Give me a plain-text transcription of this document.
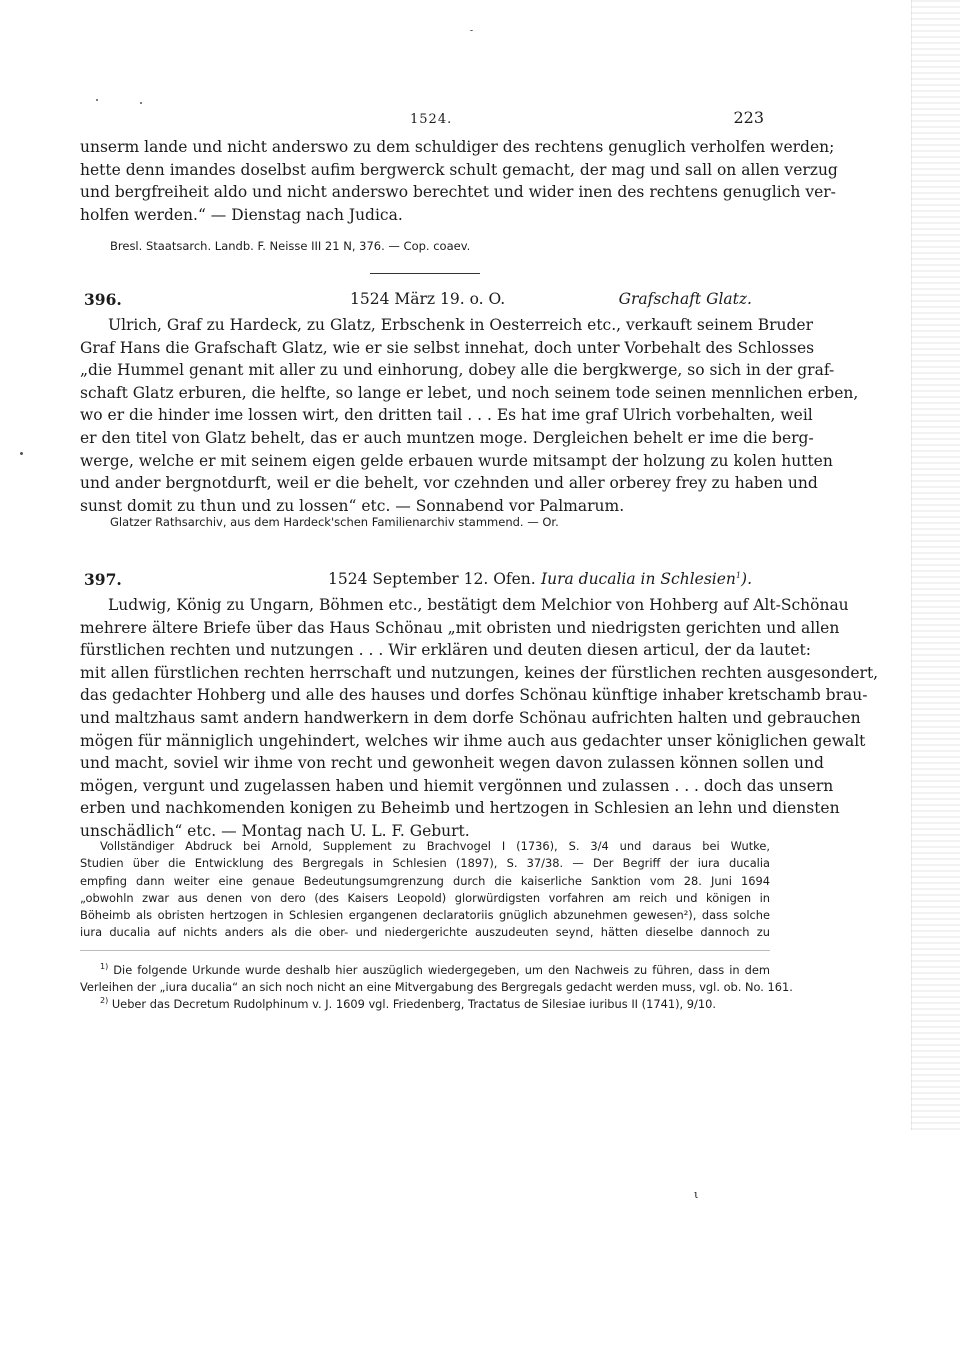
1524.	223
unserm lande und nicht anderswo zu dem schuldiger des rechtens genuglich verholfen werden;
hette denn imandes doselbst aufim bergwerck schult gemacht, der mag und sall on allen verzug
und bergfreiheit aldo und nicht anderswo berechtet und wider inen des rechtens genuglich ver-
holfen werden.“ — Dienstag nach Judica.
Bresl. Staatsarch. Landb. F. Neisse III 21 N, 376. — Cop. coaev.
396.	1524 März 19. o. O.	Grafschaft Glatz.
Ulrich, Graf zu Hardeck, zu Glatz, Erbschenk in Oesterreich etc., verkauft seinem Bruder
Graf Hans die Grafschaft Glatz, wie er sie selbst innehat, doch unter Vorbehalt des Schlosses
„die Hummel genant mit aller zu und einhorung, dobey alle die bergkwerge, so sich in der graf-
schaft Glatz erburen, die helfte, so lange er lebet, und noch seinem tode seinen mennlichen erben,
wo er die hinder ime lossen wirt, den dritten tail . . . Es hat ime graf Ulrich vorbehalten, weil
er den titel von Glatz behelt, das er auch muntzen moge. Dergleichen behelt er ime die berg-
werge, welche er mit seinem eigen gelde erbauen wurde mitsampt der holzung zu kolen hutten
und ander bergnotdurft, weil er die behelt, vor czehnden und aller orberey frey zu haben und
sunst domit zu thun und zu lossen“ etc. — Sonnabend vor Palmarum.
Glatzer Rathsarchiv, aus dem Hardeck'schen Familienarchiv stammend. — Or.
397.	1524 September 12. Ofen. Iura ducalia in Schlesien$^1$).
Ludwig, König zu Ungarn, Böhmen etc., bestätigt dem Melchior von Hohberg auf Alt-Schönau
mehrere ältere Briefe über das Haus Schönau „mit obristen und niedrigsten gerichten und allen
fürstlichen rechten und nutzungen . . . Wir erklären und deuten diesen articul, der da lautet:
mit allen fürstlichen rechten herrschaft und nutzungen, keines der fürstlichen rechten ausgesondert,
das gedachter Hohberg und alle des hauses und dorfes Schönau künftige inhaber kretschamb brau-
und maltzhaus samt andern handwerkern in dem dorfe Schönau aufrichten halten und gebrauchen
mögen für männiglich ungehindert, welches wir ihme auch aus gedachter unser königlichen gewalt
und macht, soviel wir ihme von recht und gewonheit wegen davon zulassen können sollen und
mögen, vergunt und zugelassen haben und hiemit vergönnen und zulassen . . . doch das unsern
erben und nachkomenden konigen zu Beheimb und hertzogen in Schlesien an lehn und diensten
unschädlich“ etc. — Montag nach U. L. F. Geburt.
Vollständiger Abdruck bei Arnold, Supplement zu Brachvogel I (1736), S. 3/4 und daraus bei Wutke,
Studien über die Entwicklung des Bergregals in Schlesien (1897), S. 37/38. — Der Begriff der iura ducalia
empfing dann weiter eine genaue Bedeutungsumgrenzung durch die kaiserliche Sanktion vom 28. Juni 1694
„obwohln zwar aus denen von dero (des Kaisers Leopold) glorwürdigsten vorfahren am reich und königen in
Böheimb als obristen hertzogen in Schlesien ergangenen declaratoriis gnüglich abzunehmen gewesen²), dass solche
iura ducalia auf nichts anders als die ober- und niedergerichte auszudeuten seynd, hätten dieselbe dannoch zu
$^{1)}$ Die folgende Urkunde wurde deshalb hier auszüglich wiedergegeben, um den Nachweis zu führen, dass in dem
Verleihen der „iura ducalia“ an sich noch nicht an eine Mitvergabung des Bergregals gedacht werden muss, vgl. ob. No. 161.
$^{2)}$ Ueber das Decretum Rudolphinum v. J. 1609 vgl. Friedenberg, Tractatus de Silesiae iuribus II (1741), 9/10.
ι
